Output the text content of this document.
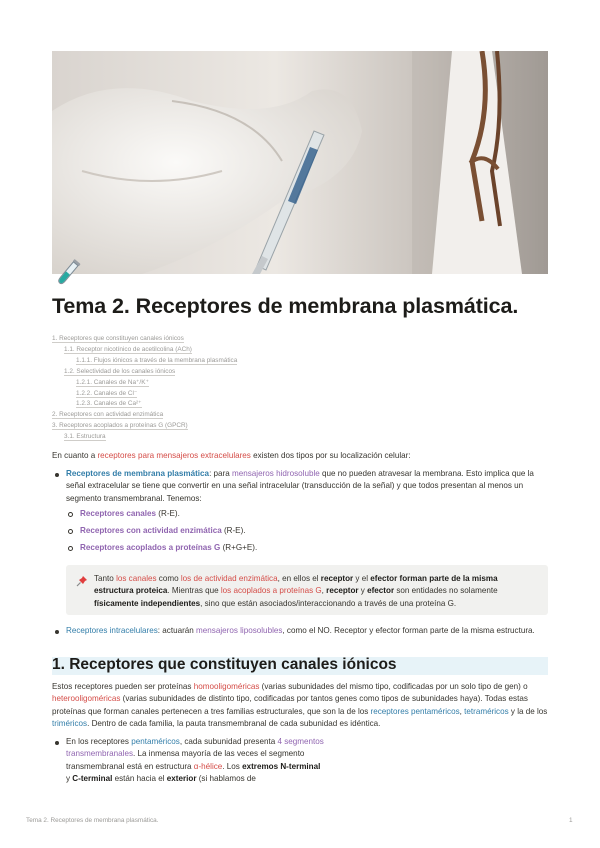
Tema 2. Receptores de membrana plasmática.
1. Receptores que constituyen canales iónicos
1.1. Receptor nicotínico de acetilcolina (ACh)
1.1.1. Flujos iónicos a través de la membrana plasmática
1.2. Selectividad de los canales iónicos
1.2.1. Canales de Na⁺/K⁺
1.2.2. Canales de Cl⁻
1.2.3. Canales de Ca²⁺
2. Receptores con actividad enzimática
3. Receptores acoplados a proteínas G (GPCR)
3.1. Estructura
En cuanto a receptores para mensajeros extracelulares existen dos tipos por su localización celular:
Receptores de membrana plasmática: para mensajeros hidrosoluble que no pueden atravesar la membrana. Esto implica que la señal extracelular se tiene que convertir en una señal intracelular (transducción de la señal) y que todos presentan al menos un segmento transmembranal. Tenemos:
Receptores canales (R-E).
Receptores con actividad enzimática (R-E).
Receptores acoplados a proteínas G (R+G+E).
Tanto los canales como los de actividad enzimática, en ellos el receptor y el efector forman parte de la misma estructura proteica. Mientras que los acoplados a proteínas G, receptor y efector son entidades no solamente físicamente independientes, sino que están asociados/interaccionando a través de una proteína G.
Receptores intracelulares: actuarán mensajeros liposolubles, como el NO. Receptor y efector forman parte de la misma estructura.
1. Receptores que constituyen canales iónicos
Estos receptores pueden ser proteínas homooligoméricas (varias subunidades del mismo tipo, codificadas por un solo tipo de gen) o heterooligoméricas (varias subunidades de distinto tipo, codificadas por tantos genes como tipos de subunidades haya). Todas estas proteínas que forman canales pertenecen a tres familias estructurales, que son la de los receptores pentaméricos, tetraméricos y la de los triméricos. Dentro de cada familia, la pauta transmembranal de cada subunidad es idéntica.
En los receptores pentaméricos, cada subunidad presenta 4 segmentos transmembranales. La inmensa mayoría de las veces el segmento transmembranal está en estructura α-hélice. Los extremos N-terminal y C-terminal están hacia el exterior (si hablamos de
Tema 2. Receptores de membrana plasmática.	1
